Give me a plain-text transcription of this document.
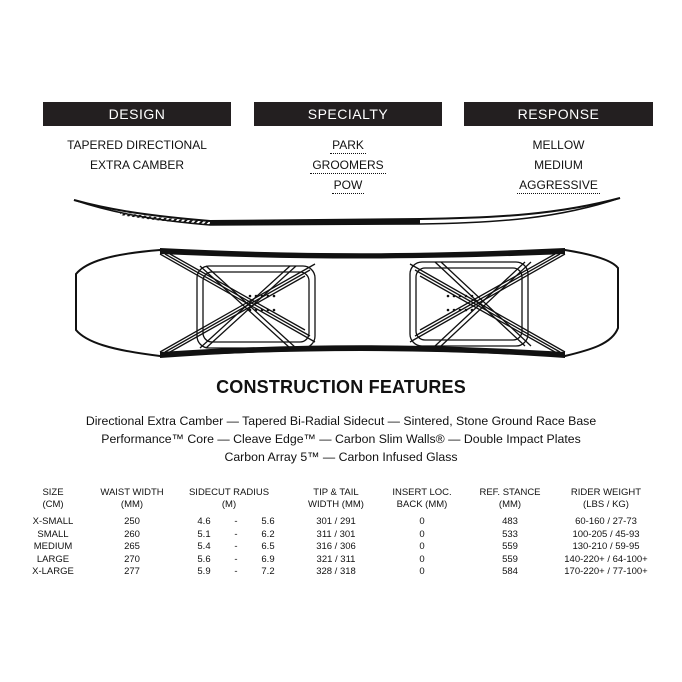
DESIGN	SPECIALTY	RESPONSE
TAPERED DIRECTIONAL
EXTRA CAMBER
PARK
GROOMERS
POW
MELLOW
MEDIUM
AGGRESSIVE
CONSTRUCTION FEATURES
Directional Extra Camber — Tapered Bi-Radial Sidecut — Sintered, Stone Ground Race Base
Performance™ Core — Cleave Edge™ — Carbon Slim Walls® — Double Impact Plates
Carbon Array 5™ — Carbon Infused Glass
SIZE
(CM)
X-SMALL
SMALL
MEDIUM
LARGE
X-LARGE
WAIST WIDTH
(MM)
250
260
265
270
277
SIDECUT RADIUS
(M)
4.6
5.1
5.4
5.6
5.9
-
-
-
-
-
5.6
6.2
6.5
6.9
7.2
TIP & TAIL
WIDTH (MM)
301 / 291
311 / 301
316 / 306
321 / 311
328 / 318
INSERT LOC.
BACK (MM)
0
0
0
0
0
REF. STANCE
(MM)
483
533
559
559
584
RIDER WEIGHT
(LBS / KG)
60-160 / 27-73
100-205 / 45-93
130-210 / 59-95
140-220+ / 64-100+
170-220+ / 77-100+
